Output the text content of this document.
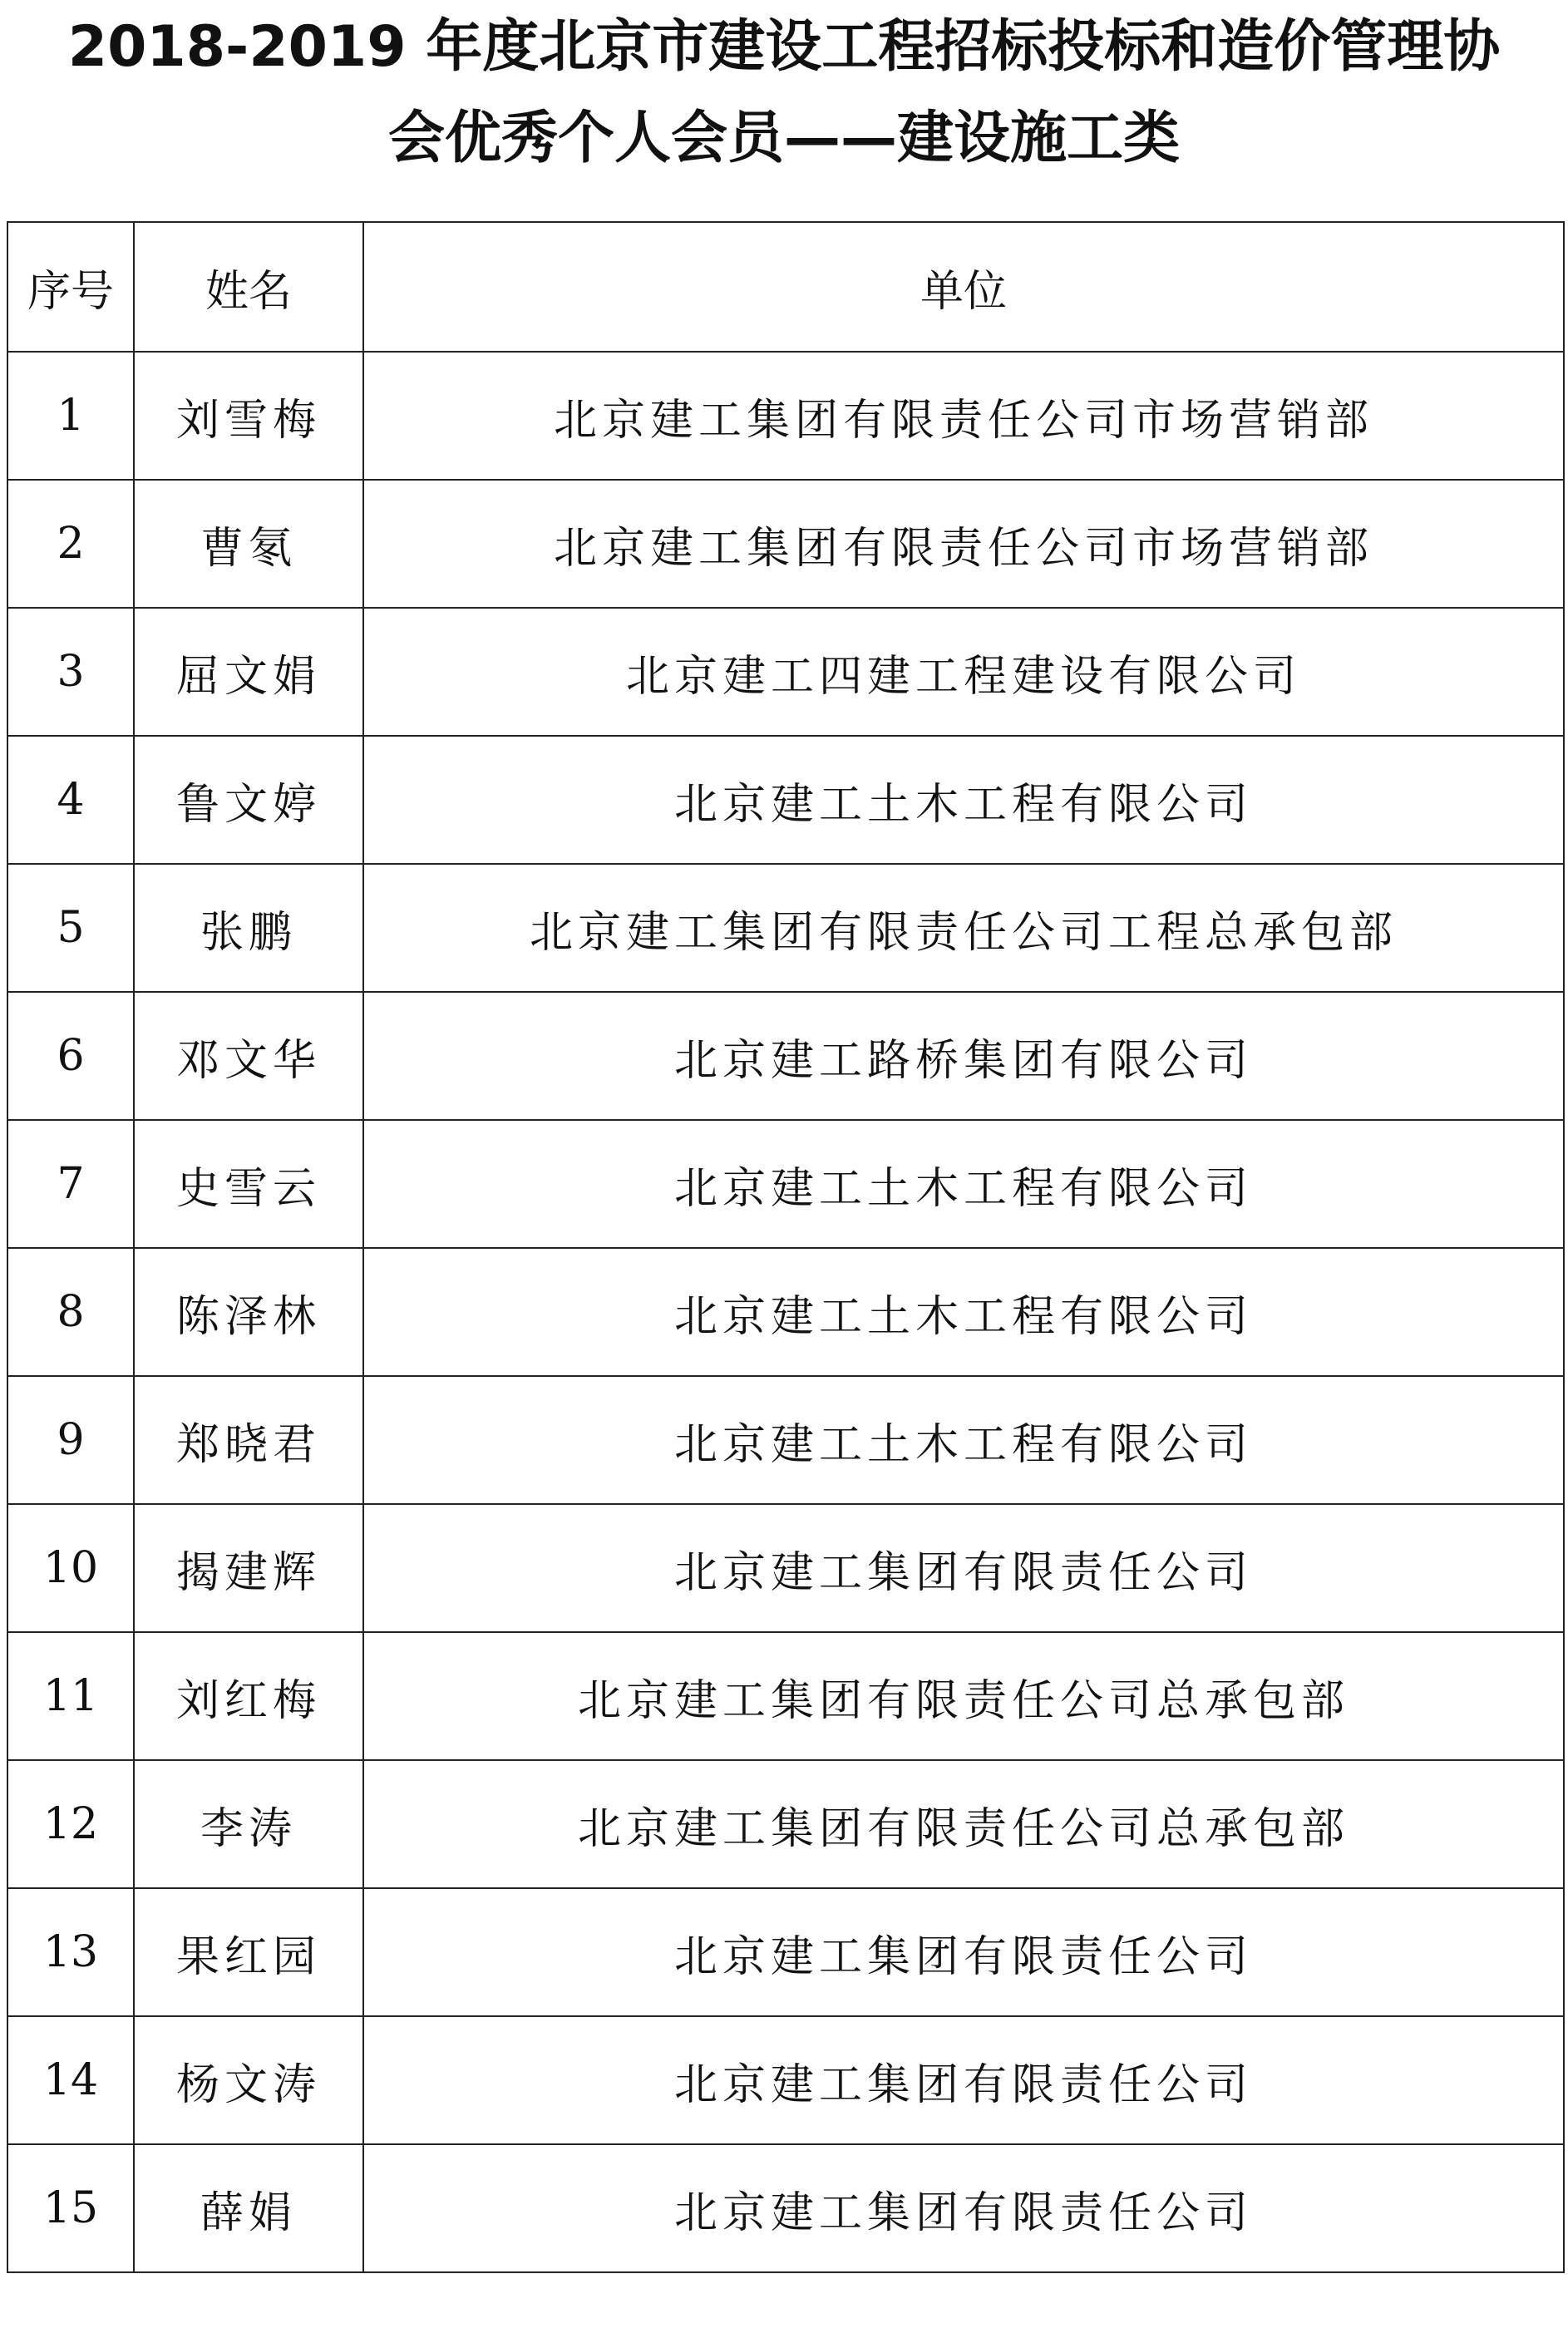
2018-2019 年度北京市建设工程招标投标和造价管理协
会优秀个人会员——建设施工类
序号	姓名	单位
1	刘雪梅	北京建工集团有限责任公司市场营销部
2	曹氡	北京建工集团有限责任公司市场营销部
3	屈文娟	北京建工四建工程建设有限公司
4	鲁文婷	北京建工土木工程有限公司
5	张鹏	北京建工集团有限责任公司工程总承包部
6	邓文华	北京建工路桥集团有限公司
7	史雪云	北京建工土木工程有限公司
8	陈泽林	北京建工土木工程有限公司
9	郑晓君	北京建工土木工程有限公司
10	揭建辉	北京建工集团有限责任公司
11	刘红梅	北京建工集团有限责任公司总承包部
12	李涛	北京建工集团有限责任公司总承包部
13	果红园	北京建工集团有限责任公司
14	杨文涛	北京建工集团有限责任公司
15	薛娟	北京建工集团有限责任公司
